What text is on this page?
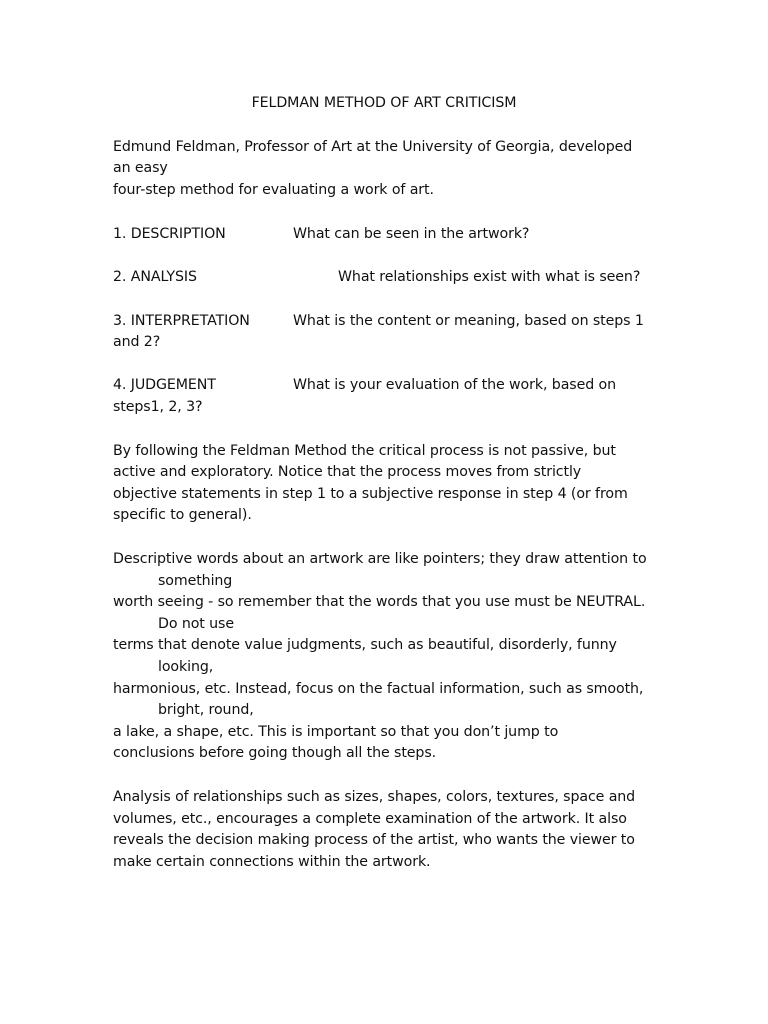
FELDMAN METHOD OF ART CRITICISM
Edmund Feldman, Professor of Art at the University of Georgia, developed
an easy
four-step method for evaluating a work of art.
1. DESCRIPTION	What can be seen in the artwork?
2. ANALYSIS	What relationships exist with what is seen?
3. INTERPRETATION	What is the content or meaning, based on steps 1
and 2?
4. JUDGEMENT	What is your evaluation of the work, based on
steps1, 2, 3?
By following the Feldman Method the critical process is not passive, but
active and exploratory. Notice that the process moves from strictly
objective statements in step 1 to a subjective response in step 4 (or from
specific to general).
Descriptive words about an artwork are like pointers; they draw attention to
something
worth seeing - so remember that the words that you use must be NEUTRAL.
Do not use
terms that denote value judgments, such as beautiful, disorderly, funny
looking,
harmonious, etc. Instead, focus on the factual information, such as smooth,
bright, round,
a lake, a shape, etc. This is important so that you don’t jump to
conclusions before going though all the steps.
Analysis of relationships such as sizes, shapes, colors, textures, space and
volumes, etc., encourages a complete examination of the artwork. It also
reveals the decision making process of the artist, who wants the viewer to
make certain connections within the artwork.
